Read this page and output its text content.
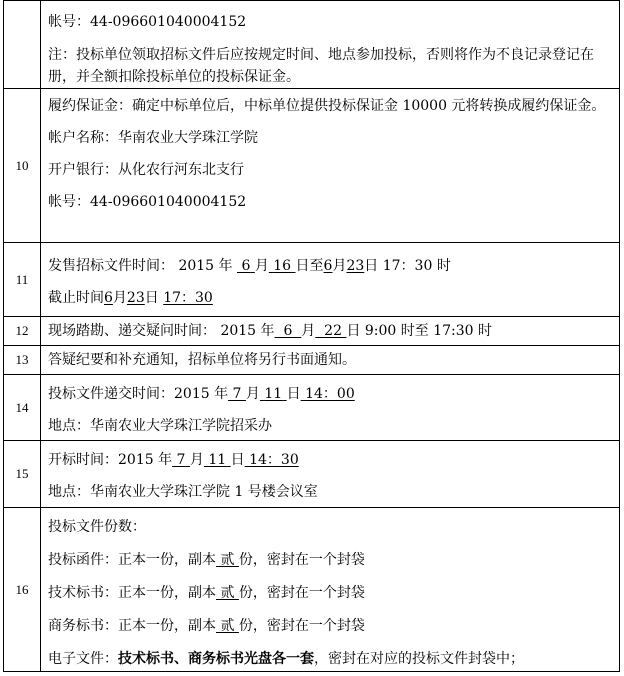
	帐号：44-096601040004152
注：投标单位领取招标文件后应按规定时间、地点参加投标，否则将作为不良记录登记在册，并全额扣除投标单位的投标保证金。

10	履约保证金：确定中标单位后，中标单位提供投标保证金 10000 元将转换成履约保证金。
帐户名称：华南农业大学珠江学院
开户银行：从化农行河东北支行
帐号：44-096601040004152

11	发售招标文件时间： 2015 年 6 月 16 日至6月23日 17：30 时
截止时间6月23日 17：30

12	现场踏勘、递交疑问时间： 2015 年 6 月 22 日 9:00 时至 17:30 时

13	答疑纪要和补充通知，招标单位将另行书面通知。

14	投标文件递交时间：2015 年 7 月 11 日 14：00
地点：华南农业大学珠江学院招采办

15	开标时间：2015 年 7 月 11 日 14：30
地点：华南农业大学珠江学院 1 号楼会议室

16	投标文件份数：
投标函件：正本一份，副本 贰 份，密封在一个封袋
技术标书：正本一份，副本 贰 份，密封在一个封袋
商务标书：正本一份，副本 贰 份，密封在一个封袋
电子文件：技术标书、商务标书光盘各一套，密封在对应的投标文件封袋中；
